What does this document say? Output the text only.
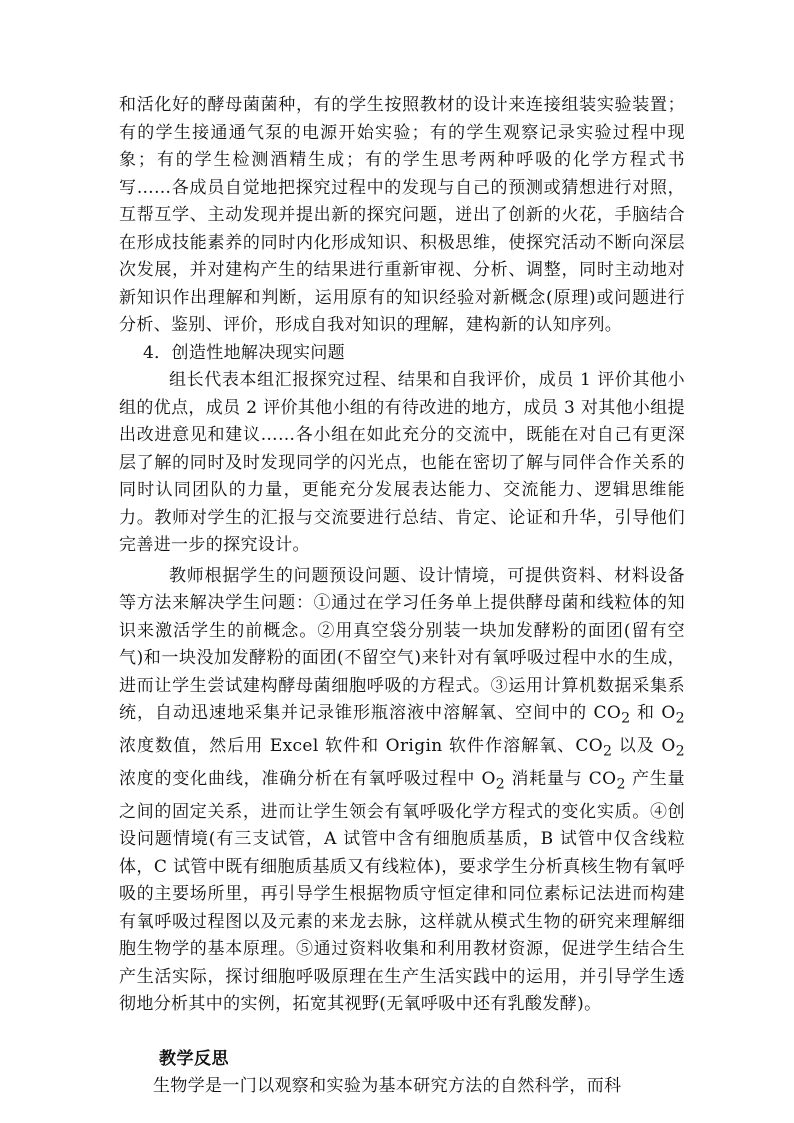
和活化好的酵母菌菌种，有的学生按照教材的设计来连接组装实验装置；有的学生接通通气泵的电源开始实验；有的学生观察记录实验过程中现象；有的学生检测酒精生成；有的学生思考两种呼吸的化学方程式书写……各成员自觉地把探究过程中的发现与自己的预测或猜想进行对照，互帮互学、主动发现并提出新的探究问题，迸出了创新的火花，手脑结合在形成技能素养的同时内化形成知识、积极思维，使探究活动不断向深层次发展，并对建构产生的结果进行重新审视、分析、调整，同时主动地对新知识作出理解和判断，运用原有的知识经验对新概念(原理)或问题进行分析、鉴别、评价，形成自我对知识的理解，建构新的认知序列。

4．创造性地解决现实问题

组长代表本组汇报探究过程、结果和自我评价，成员 1 评价其他小组的优点，成员 2 评价其他小组的有待改进的地方，成员 3 对其他小组提出改进意见和建议……各小组在如此充分的交流中，既能在对自己有更深层了解的同时及时发现同学的闪光点，也能在密切了解与同伴合作关系的同时认同团队的力量，更能充分发展表达能力、交流能力、逻辑思维能力。教师对学生的汇报与交流要进行总结、肯定、论证和升华，引导他们完善进一步的探究设计。

教师根据学生的问题预设问题、设计情境，可提供资料、材料设备等方法来解决学生问题：①通过在学习任务单上提供酵母菌和线粒体的知识来激活学生的前概念。②用真空袋分别装一块加发酵粉的面团(留有空气)和一块没加发酵粉的面团(不留空气)来针对有氧呼吸过程中水的生成，进而让学生尝试建构酵母菌细胞呼吸的方程式。③运用计算机数据采集系统，自动迅速地采集并记录锥形瓶溶液中溶解氧、空间中的 $CO_2$ 和 $O_2$ 浓度数值，然后用 Excel 软件和 Origin 软件作溶解氧、$CO_2$ 以及 $O_2$ 浓度的变化曲线，准确分析在有氧呼吸过程中 $O_2$ 消耗量与 $CO_2$ 产生量之间的固定关系，进而让学生领会有氧呼吸化学方程式的变化实质。④创设问题情境(有三支试管，A 试管中含有细胞质基质，B 试管中仅含线粒体，C 试管中既有细胞质基质又有线粒体)，要求学生分析真核生物有氧呼吸的主要场所里，再引导学生根据物质守恒定律和同位素标记法进而构建有氧呼吸过程图以及元素的来龙去脉，这样就从模式生物的研究来理解细胞生物学的基本原理。⑤通过资料收集和利用教材资源，促进学生结合生产生活实际，探讨细胞呼吸原理在生产生活实践中的运用，并引导学生透彻地分析其中的实例，拓宽其视野(无氧呼吸中还有乳酸发酵)。

教学反思

生物学是一门以观察和实验为基本研究方法的自然科学，而科
